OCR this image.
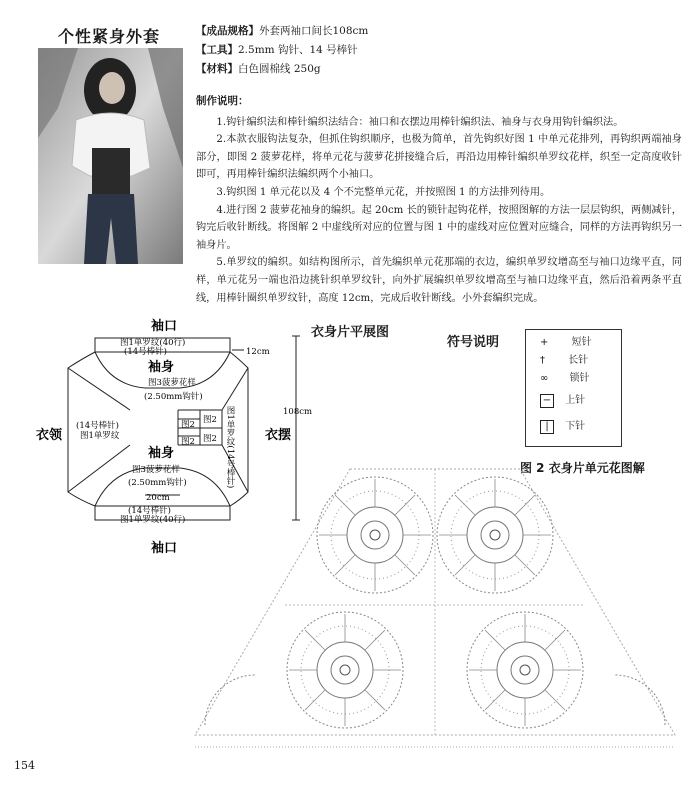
个性紧身外套	【成品规格】外套两袖口间长108cm
【工具】2.5mm 钩针、14 号棒针
【材料】白色圆棉线 250g
制作说明：

1.钩针编织法和棒针编织法结合：袖口和衣摆边用棒针编织法、袖身与衣身用钩针编织法。

2.本款衣服钩法复杂，但抓住钩织顺序，也极为简单，首先钩织好图 1 中单元花排列，再钩织两端袖身部分，即图 2 菠萝花样，将单元花与菠萝花拼接缝合后，再沿边用棒针编织单罗纹花样，织至一定高度收针即可，再用棒针编织法编织两个小袖口。

3.钩织图 1 单元花以及 4 个不完整单元花，并按照图 1 的方法排列待用。

4.进行图 2 菠萝花袖身的编织。起 20cm 长的锁针起钩花样，按照图解的方法一层层钩织，两侧减针，钩完后收针断线。将图解 2 中虚线所对应的位置与图 1 中的虚线对应位置对应缝合，同样的方法再钩织另一袖身片。

5.单罗纹的编织。如结构图所示，首先编织单元花那端的衣边，编织单罗纹增高至与袖口边缘平直，同样，单元花另一端也沿边挑针织单罗纹针，向外扩展编织单罗纹增高至与袖口边缘平直，然后沿着两条平直线，用棒针圈织单罗纹针，高度 12cm，完成后收针断线。小外套编织完成。

袖口
袖口
衣领	衣摆
袖身
袖身
图1单罗纹(40行)
(14号棒针)
(14号棒针)
图1单罗纹(40行)
图3菠萝花样
(2.50mm钩针)
图3菠萝花样
(2.50mm钩针)
(14号棒针)
图1单罗纹
图2
图2
图2
图2 图1单罗纹(14号棒针)
12cm
108cm
20cm
衣身片平展图
符号说明	+ 短针
† 长针
∞ 锁针
− 上针
| 下针
图 2 衣身片单元花图解
154
